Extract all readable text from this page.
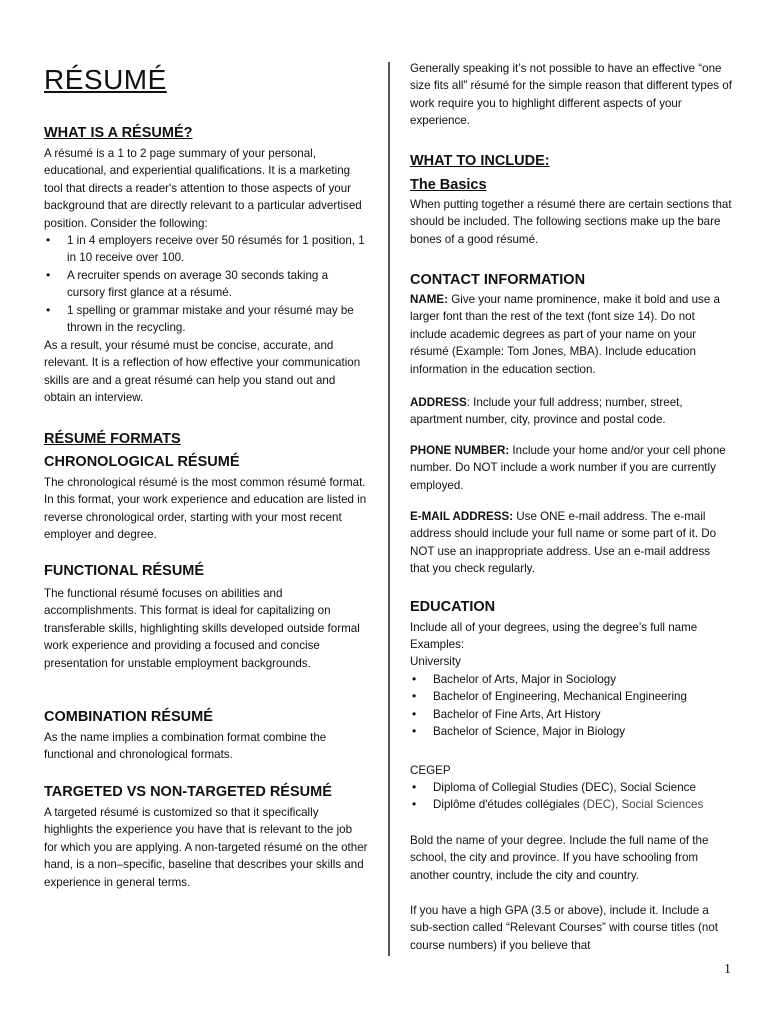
RÉSUMÉ
WHAT IS A RÉSUMÉ?

A résumé is a 1 to 2 page summary of your personal, educational, and experiential qualifications. It is a marketing tool that directs a reader's attention to those aspects of your background that are directly relevant to a particular advertised position. Consider the following:

• 1 in 4 employers receive over 50 résumés for 1 position, 1 in 10 receive over 100.
• A recruiter spends on average 30 seconds taking a cursory first glance at a résumé.
• 1 spelling or grammar mistake and your résumé may be thrown in the recycling.

As a result, your résumé must be concise, accurate, and relevant. It is a reflection of how effective your communication skills are and a great résumé can help you stand out and obtain an interview.

RÉSUMÉ FORMATS
CHRONOLOGICAL RÉSUMÉ

The chronological résumé is the most common résumé format. In this format, your work experience and education are listed in reverse chronological order, starting with your most recent employer and degree.

FUNCTIONAL RÉSUMÉ

The functional résumé focuses on abilities and accomplishments. This format is ideal for capitalizing on transferable skills, highlighting skills developed outside formal work experience and providing a focused and concise presentation for unstable employment backgrounds.

COMBINATION RÉSUMÉ

As the name implies a combination format combine the functional and chronological formats.

TARGETED VS NON-TARGETED RÉSUMÉ

A targeted résumé is customized so that it specifically highlights the experience you have that is relevant to the job for which you are applying. A non-targeted résumé on the other hand, is a non–specific, baseline that describes your skills and experience in general terms.

Generally speaking it’s not possible to have an effective “one size fits all” résumé for the simple reason that different types of work require you to highlight different aspects of your experience.

WHAT TO INCLUDE:
The Basics

When putting together a résumé there are certain sections that should be included. The following sections make up the bare bones of a good résumé.

CONTACT INFORMATION

NAME: Give your name prominence, make it bold and use a larger font than the rest of the text (font size 14). Do not include academic degrees as part of your name on your résumé (Example: Tom Jones, MBA). Include education information in the education section.

ADDRESS: Include your full address; number, street, apartment number, city, province and postal code.

PHONE NUMBER: Include your home and/or your cell phone number. Do NOT include a work number if you are currently employed.

E-MAIL ADDRESS: Use ONE e-mail address. The e-mail address should include your full name or some part of it. Do NOT use an inappropriate address. Use an e-mail address that you check regularly.

EDUCATION

Include all of your degrees, using the degree’s full name

Examples:

University

• Bachelor of Arts, Major in Sociology
• Bachelor of Engineering, Mechanical Engineering
• Bachelor of Fine Arts, Art History
• Bachelor of Science, Major in Biology

CEGEP

• Diploma of Collegial Studies (DEC), Social Science
• Diplôme d'études collégiales (DEC), Social Sciences

Bold the name of your degree. Include the full name of the school, the city and province. If you have schooling from another country, include the city and country.

If you have a high GPA (3.5 or above), include it. Include a sub-section called “Relevant Courses” with course titles (not course numbers) if you believe that

1
